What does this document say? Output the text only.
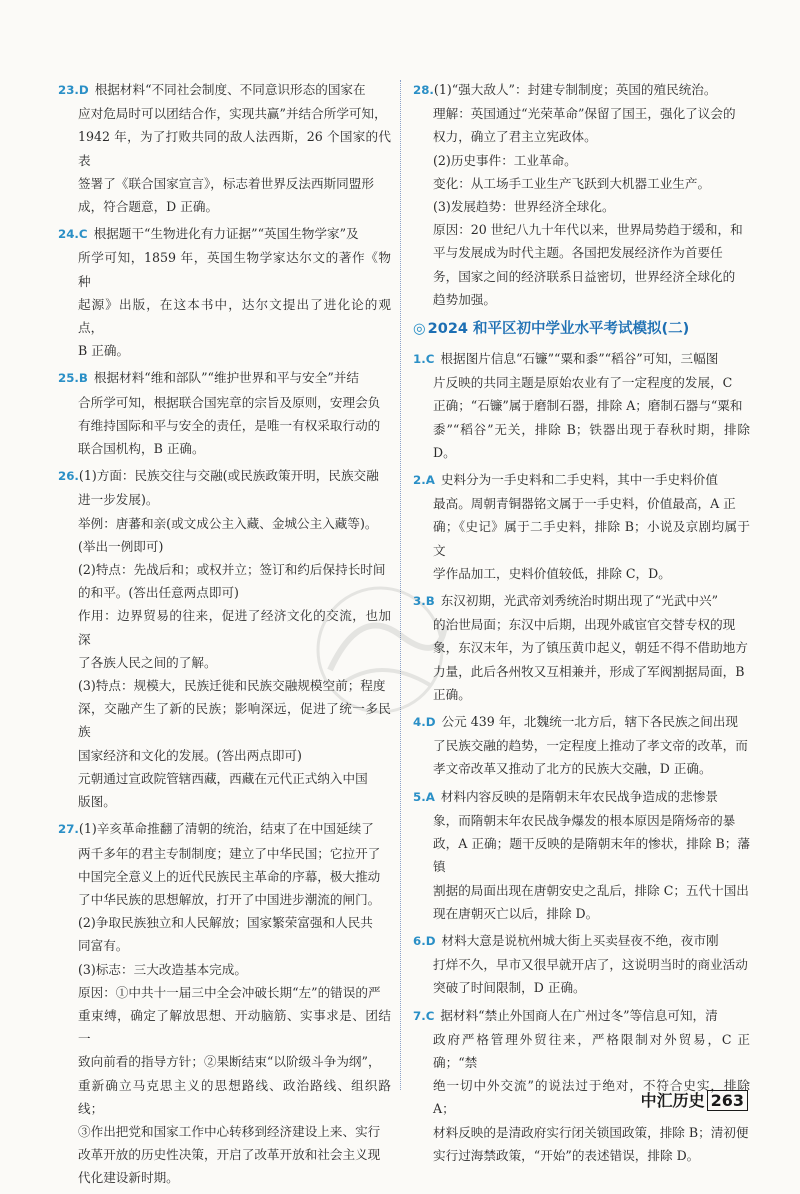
23.D 根据材料“不同社会制度、不同意识形态的国家在
应对危局时可以团结合作，实现共赢”并结合所学可知，
1942 年，为了打败共同的敌人法西斯，26 个国家的代表
签署了《联合国家宣言》，标志着世界反法西斯同盟形
成，符合题意，D 正确。
24.C 根据题干“生物进化有力证据”“英国生物学家”及
所学可知，1859 年，英国生物学家达尔文的著作《物种
起源》出版，在这本书中，达尔文提出了进化论的观点，
B 正确。
25.B 根据材料“维和部队”“维护世界和平与安全”并结
合所学可知，根据联合国宪章的宗旨及原则，安理会负
有维持国际和平与安全的责任，是唯一有权采取行动的
联合国机构，B 正确。
26.(1)方面：民族交往与交融(或民族政策开明，民族交融
进一步发展)。
举例：唐蕃和亲(或文成公主入藏、金城公主入藏等)。
(举出一例即可)
(2)特点：先战后和；或权并立；签订和约后保持长时间
的和平。(答出任意两点即可)
作用：边界贸易的往来，促进了经济文化的交流，也加深
了各族人民之间的了解。
(3)特点：规模大，民族迁徙和民族交融规模空前；程度
深，交融产生了新的民族；影响深远，促进了统一多民族
国家经济和文化的发展。(答出两点即可)
元朝通过宣政院管辖西藏，西藏在元代正式纳入中国
版图。
27.(1)辛亥革命推翻了清朝的统治，结束了在中国延续了
两千多年的君主专制制度；建立了中华民国；它拉开了
中国完全意义上的近代民族民主革命的序幕，极大推动
了中华民族的思想解放，打开了中国进步潮流的闸门。
(2)争取民族独立和人民解放；国家繁荣富强和人民共
同富有。
(3)标志：三大改造基本完成。
原因：①中共十一届三中全会冲破长期“左”的错误的严
重束缚，确定了解放思想、开动脑筋、实事求是、团结一
致向前看的指导方针；②果断结束“以阶级斗争为纲”，
重新确立马克思主义的思想路线、政治路线、组织路线；
③作出把党和国家工作中心转移到经济建设上来、实行
改革开放的历史性决策，开启了改革开放和社会主义现
代化建设新时期。
28.(1)“强大敌人”：封建专制制度；英国的殖民统治。
理解：英国通过“光荣革命”保留了国王，强化了议会的
权力，确立了君主立宪政体。
(2)历史事件：工业革命。
变化：从工场手工业生产飞跃到大机器工业生产。
(3)发展趋势：世界经济全球化。
原因：20 世纪八九十年代以来，世界局势趋于缓和，和
平与发展成为时代主题。各国把发展经济作为首要任
务，国家之间的经济联系日益密切，世界经济全球化的
趋势加强。
◎ 2024 和平区初中学业水平考试模拟(二)
1.C 根据图片信息“石镰”“粟和黍”“稻谷”可知，三幅图
片反映的共同主题是原始农业有了一定程度的发展，C
正确；“石镰”属于磨制石器，排除 A；磨制石器与“粟和
黍”“稻谷”无关，排除 B；铁器出现于春秋时期，排除 D。
2.A 史料分为一手史料和二手史料，其中一手史料价值
最高。周朝青铜器铭文属于一手史料，价值最高，A 正
确；《史记》属于二手史料，排除 B；小说及京剧均属于文
学作品加工，史料价值较低，排除 C，D。
3.B 东汉初期，光武帝刘秀统治时期出现了“光武中兴”
的治世局面；东汉中后期，出现外戚宦官交替专权的现
象，东汉末年，为了镇压黄巾起义，朝廷不得不借助地方
力量，此后各州牧又互相兼并，形成了军阀割据局面，B
正确。
4.D 公元 439 年，北魏统一北方后，辖下各民族之间出现
了民族交融的趋势，一定程度上推动了孝文帝的改革，而
孝文帝改革又推动了北方的民族大交融，D 正确。
5.A 材料内容反映的是隋朝末年农民战争造成的悲惨景
象，而隋朝末年农民战争爆发的根本原因是隋炀帝的暴
政，A 正确；题干反映的是隋朝末年的惨状，排除 B；藩镇
割据的局面出现在唐朝安史之乱后，排除 C；五代十国出
现在唐朝灭亡以后，排除 D。
6.D 材料大意是说杭州城大街上买卖昼夜不绝，夜市刚
打烊不久，早市又很早就开店了，这说明当时的商业活动
突破了时间限制，D 正确。
7.C 据材料“禁止外国商人在广州过冬”等信息可知，清
政府严格管理外贸往来，严格限制对外贸易，C 正确；“禁
绝一切中外交流”的说法过于绝对，不符合史实，排除 A；
材料反映的是清政府实行闭关锁国政策，排除 B；清初便
实行过海禁政策，“开始”的表述错误，排除 D。
中汇历史 263
